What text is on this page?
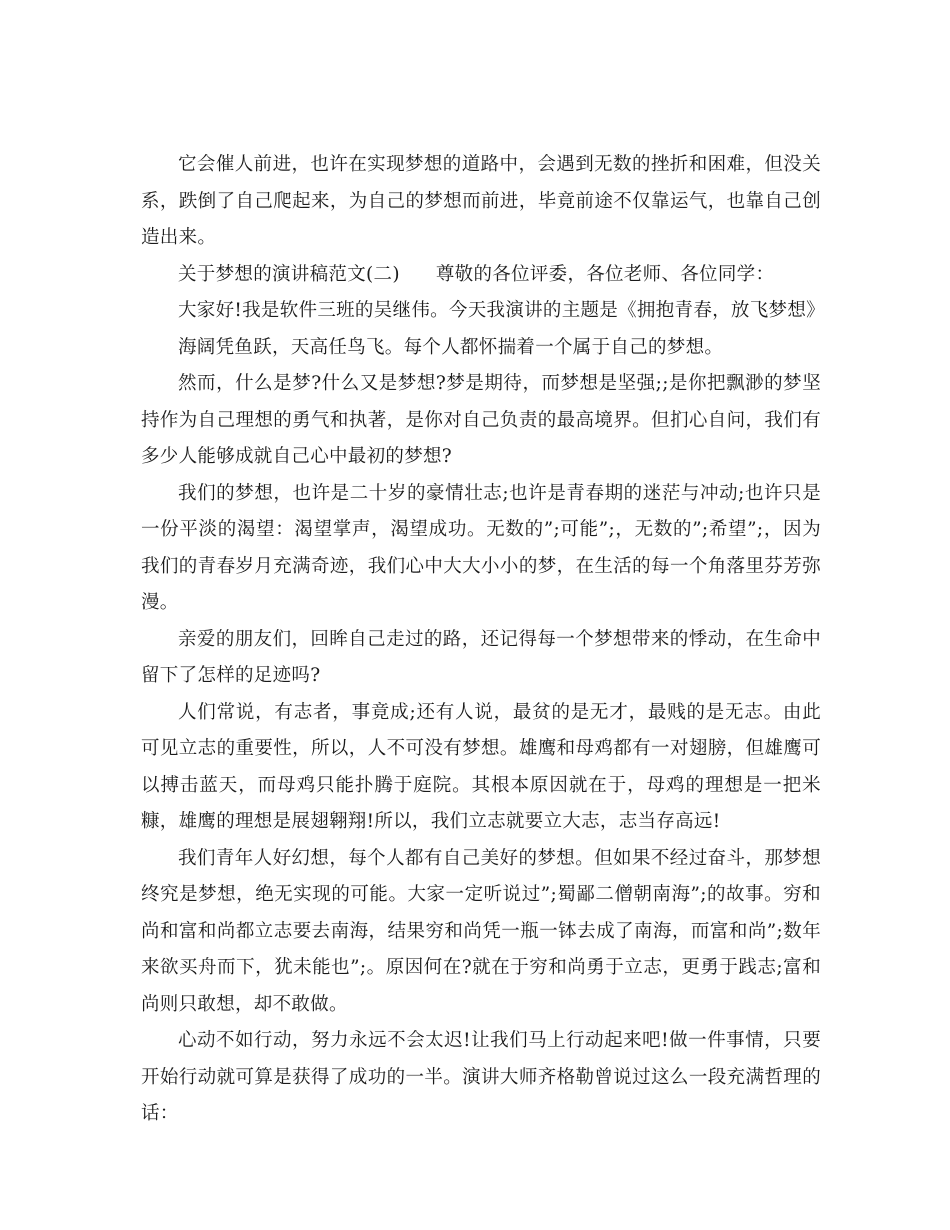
它会催人前进，也许在实现梦想的道路中，会遇到无数的挫折和困难，但没关系，跌倒了自己爬起来，为自己的梦想而前进，毕竟前途不仅靠运气，也靠自己创造出来。

关于梦想的演讲稿范文(二) 尊敬的各位评委，各位老师、各位同学：

大家好!我是软件三班的吴继伟。今天我演讲的主题是《拥抱青春，放飞梦想》

海阔凭鱼跃，天高任鸟飞。每个人都怀揣着一个属于自己的梦想。

然而，什么是梦?什么又是梦想?梦是期待，而梦想是坚强;;是你把飘渺的梦坚持作为自己理想的勇气和执著，是你对自己负责的最高境界。但扪心自问，我们有多少人能够成就自己心中最初的梦想?

我们的梦想，也许是二十岁的豪情壮志;也许是青春期的迷茫与冲动;也许只是一份平淡的渴望：渴望掌声，渴望成功。无数的”;可能”;，无数的”;希望”;，因为我们的青春岁月充满奇迹，我们心中大大小小的梦，在生活的每一个角落里芬芳弥漫。

亲爱的朋友们，回眸自己走过的路，还记得每一个梦想带来的悸动，在生命中留下了怎样的足迹吗?

人们常说，有志者，事竟成;还有人说，最贫的是无才，最贱的是无志。由此可见立志的重要性，所以，人不可没有梦想。雄鹰和母鸡都有一对翅膀，但雄鹰可以搏击蓝天，而母鸡只能扑腾于庭院。其根本原因就在于，母鸡的理想是一把米糠，雄鹰的理想是展翅翱翔!所以，我们立志就要立大志，志当存高远!

我们青年人好幻想，每个人都有自己美好的梦想。但如果不经过奋斗，那梦想终究是梦想，绝无实现的可能。大家一定听说过”;蜀鄙二僧朝南海”;的故事。穷和尚和富和尚都立志要去南海，结果穷和尚凭一瓶一钵去成了南海，而富和尚”;数年来欲买舟而下，犹未能也”;。原因何在?就在于穷和尚勇于立志，更勇于践志;富和尚则只敢想，却不敢做。

心动不如行动，努力永远不会太迟!让我们马上行动起来吧!做一件事情，只要开始行动就可算是获得了成功的一半。演讲大师齐格勒曾说过这么一段充满哲理的话：
